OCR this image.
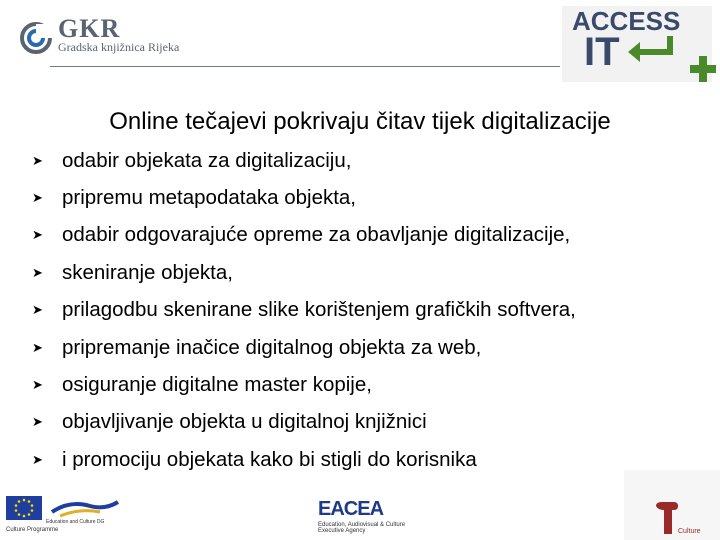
GKR
Gradska knjižnica Rijeka
ACCESS
IT
Online tečajevi pokrivaju čitav tijek digitalizacije
➤ odabir objekata za digitalizaciju,
➤ pripremu metapodataka objekta,
➤ odabir odgovarajuće opreme za obavljanje digitalizacije,
➤ skeniranje objekta,
➤ prilagodbu skenirane slike korištenjem grafičkih softvera,
➤ pripremanje inačice digitalnog objekta za web,
➤ osiguranje digitalne master kopije,
➤ objavljivanje objekta u digitalnoj knjižnici
➤ i promociju objekata kako bi stigli do korisnika
Education and Culture DG
Culture Programme
EACEA
Education, Audiovisual & Culture Executive Agency	Culture
